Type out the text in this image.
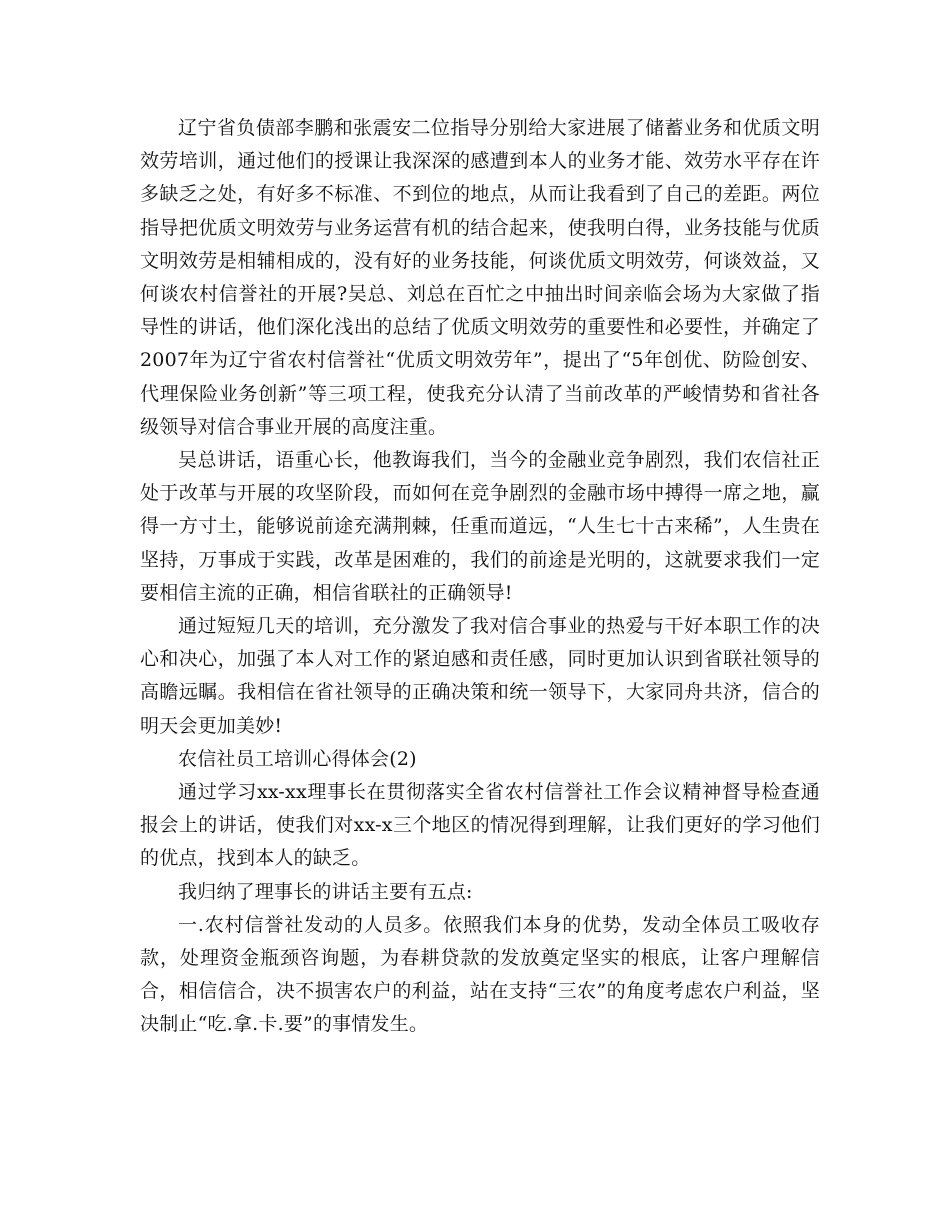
辽宁省负债部李鹏和张震安二位指导分别给大家进展了储蓄业务和优质文明效劳培训，通过他们的授课让我深深的感遭到本人的业务才能、效劳水平存在许多缺乏之处，有好多不标准、不到位的地点，从而让我看到了自己的差距。两位指导把优质文明效劳与业务运营有机的结合起来，使我明白得，业务技能与优质文明效劳是相辅相成的，没有好的业务技能，何谈优质文明效劳，何谈效益，又何谈农村信誉社的开展?吴总、刘总在百忙之中抽出时间亲临会场为大家做了指导性的讲话，他们深化浅出的总结了优质文明效劳的重要性和必要性，并确定了2007年为辽宁省农村信誉社“优质文明效劳年”，提出了“5年创优、防险创安、代理保险业务创新”等三项工程，使我充分认清了当前改革的严峻情势和省社各级领导对信合事业开展的高度注重。

吴总讲话，语重心长，他教诲我们，当今的金融业竞争剧烈，我们农信社正处于改革与开展的攻坚阶段，而如何在竞争剧烈的金融市场中搏得一席之地，赢得一方寸土，能够说前途充满荆棘，任重而道远，“人生七十古来稀”，人生贵在坚持，万事成于实践，改革是困难的，我们的前途是光明的，这就要求我们一定要相信主流的正确，相信省联社的正确领导!

通过短短几天的培训，充分激发了我对信合事业的热爱与干好本职工作的决心和决心，加强了本人对工作的紧迫感和责任感，同时更加认识到省联社领导的高瞻远瞩。我相信在省社领导的正确决策和统一领导下，大家同舟共济，信合的明天会更加美妙!

农信社员工培训心得体会(2)

通过学习xx-xx理事长在贯彻落实全省农村信誉社工作会议精神督导检查通报会上的讲话，使我们对xx-x三个地区的情况得到理解，让我们更好的学习他们的优点，找到本人的缺乏。

我归纳了理事长的讲话主要有五点:

一.农村信誉社发动的人员多。依照我们本身的优势，发动全体员工吸收存款，处理资金瓶颈咨询题，为春耕贷款的发放奠定坚实的根底，让客户理解信合，相信信合，决不损害农户的利益，站在支持“三农”的角度考虑农户利益，坚决制止“吃.拿.卡.要”的事情发生。
